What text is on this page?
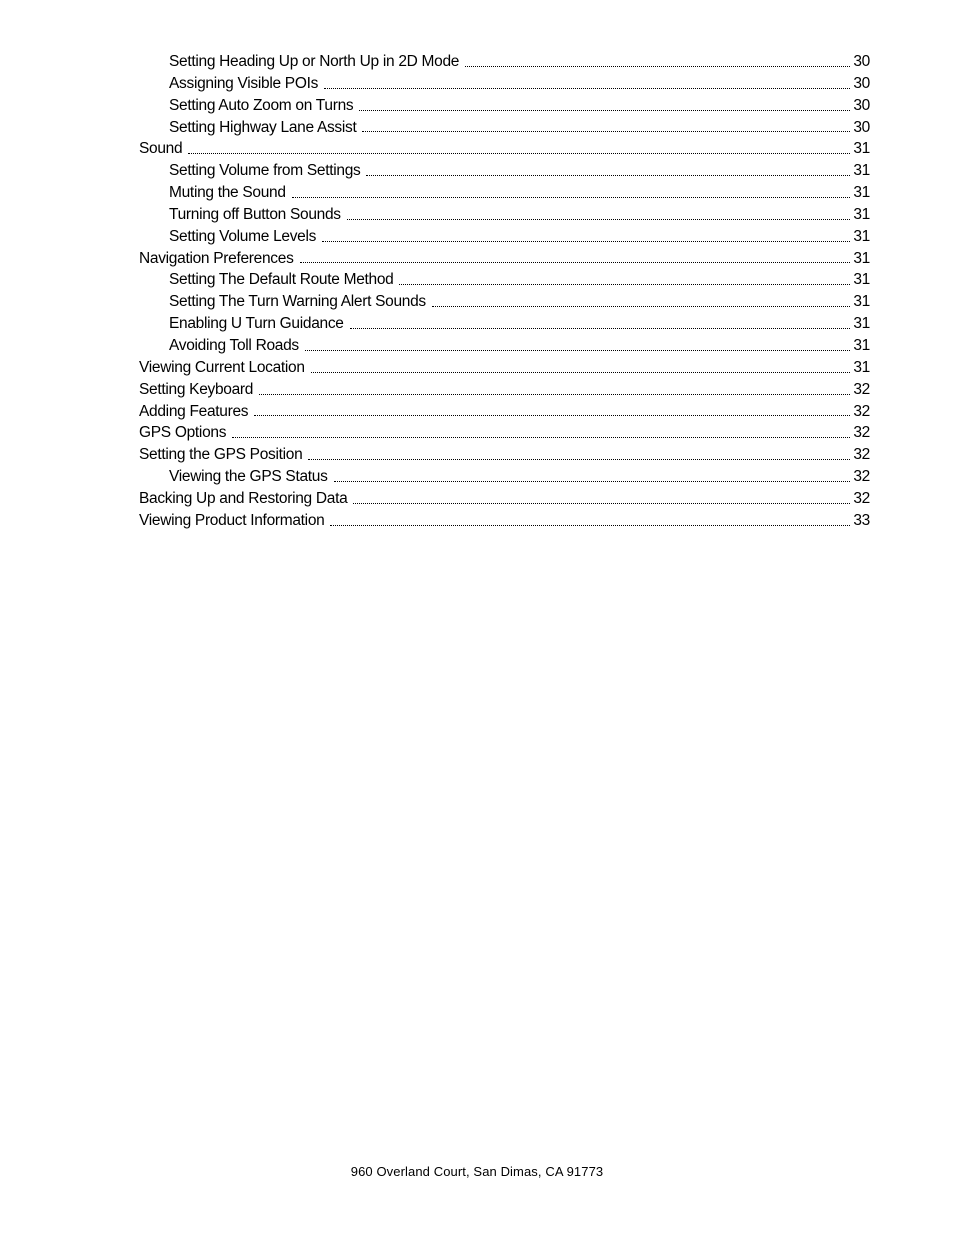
Setting Heading Up or North Up in 2D Mode	30
Assigning Visible POIs	30
Setting Auto Zoom on Turns	30
Setting Highway Lane Assist	30
Sound	31
Setting Volume from Settings	31
Muting the Sound	31
Turning off Button Sounds	31
Setting Volume Levels	31
Navigation Preferences	31
Setting The Default Route Method	31
Setting The Turn Warning Alert Sounds	31
Enabling U Turn Guidance	31
Avoiding Toll Roads	31
Viewing Current Location	31
Setting Keyboard	32
Adding Features	32
GPS Options	32
Setting the GPS Position	32
Viewing the GPS Status	32
Backing Up and Restoring Data	32
Viewing Product Information	33
960 Overland Court, San Dimas, CA 91773
